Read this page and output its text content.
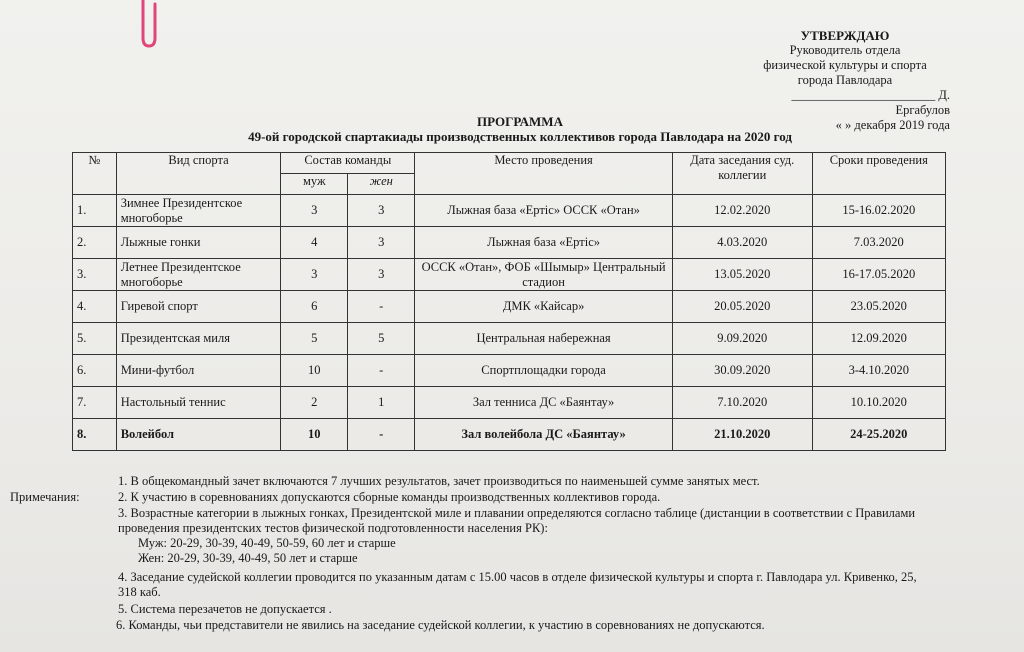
УТВЕРЖДАЮ
Руководитель отдела
физической культуры и спорта
города Павлодара
_______________________ Д. Ергабулов
« » декабря 2019 года
ПРОГРАММА
49-ой городской спартакиады производственных коллективов города Павлодара на 2020 год
№	Вид спорта	Состав команды		Место проведения	Дата заседания суд. коллегии	Сроки проведения
		муж	жен			
1.	Зимнее Президентское многоборье	3	3	Лыжная база «Ертiс» ОССК «Отан»	12.02.2020	15-16.02.2020
2.	Лыжные гонки	4	3	Лыжная база «Ертiс»	4.03.2020	7.03.2020
3.	Летнее Президентское многоборье	3	3	ОССК «Отан», ФОБ «Шымыр» Центральный стадион	13.05.2020	16-17.05.2020
4.	Гиревой спорт	6	-	ДМК «Кайсар»	20.05.2020	23.05.2020
5.	Президентская миля	5	5	Центральная набережная	9.09.2020	12.09.2020
6.	Мини-футбол	10	-	Спортплощадки города	30.09.2020	3-4.10.2020
7.	Настольный теннис	2	1	Зал тенниса ДС «Баянтау»	7.10.2020	10.10.2020
8.	Волейбол	10	-	Зал волейбола ДС «Баянтау»	21.10.2020	24-25.2020
Примечания:
1. В общекомандный зачет включаются 7 лучших результатов, зачет производиться по наименьшей сумме занятых мест.
2. К участию в соревнованиях допускаются сборные команды производственных коллективов города.
3. Возрастные категории в лыжных гонках, Президентской миле и плавании определяются согласно таблице (дистанции в соответствии с Правилами
проведения президентских тестов физической подготовленности населения РК):
Муж: 20-29, 30-39, 40-49, 50-59, 60 лет и старше
Жен: 20-29, 30-39, 40-49, 50 лет и старше
4. Заседание судейской коллегии проводится по указанным датам с 15.00 часов в отделе физической культуры и спорта г. Павлодара ул. Кривенко, 25,
318 каб.
5. Система перезачетов не допускается .
6. Команды, чьи представители не явились на заседание судейской коллегии, к участию в соревнованиях не допускаются.
